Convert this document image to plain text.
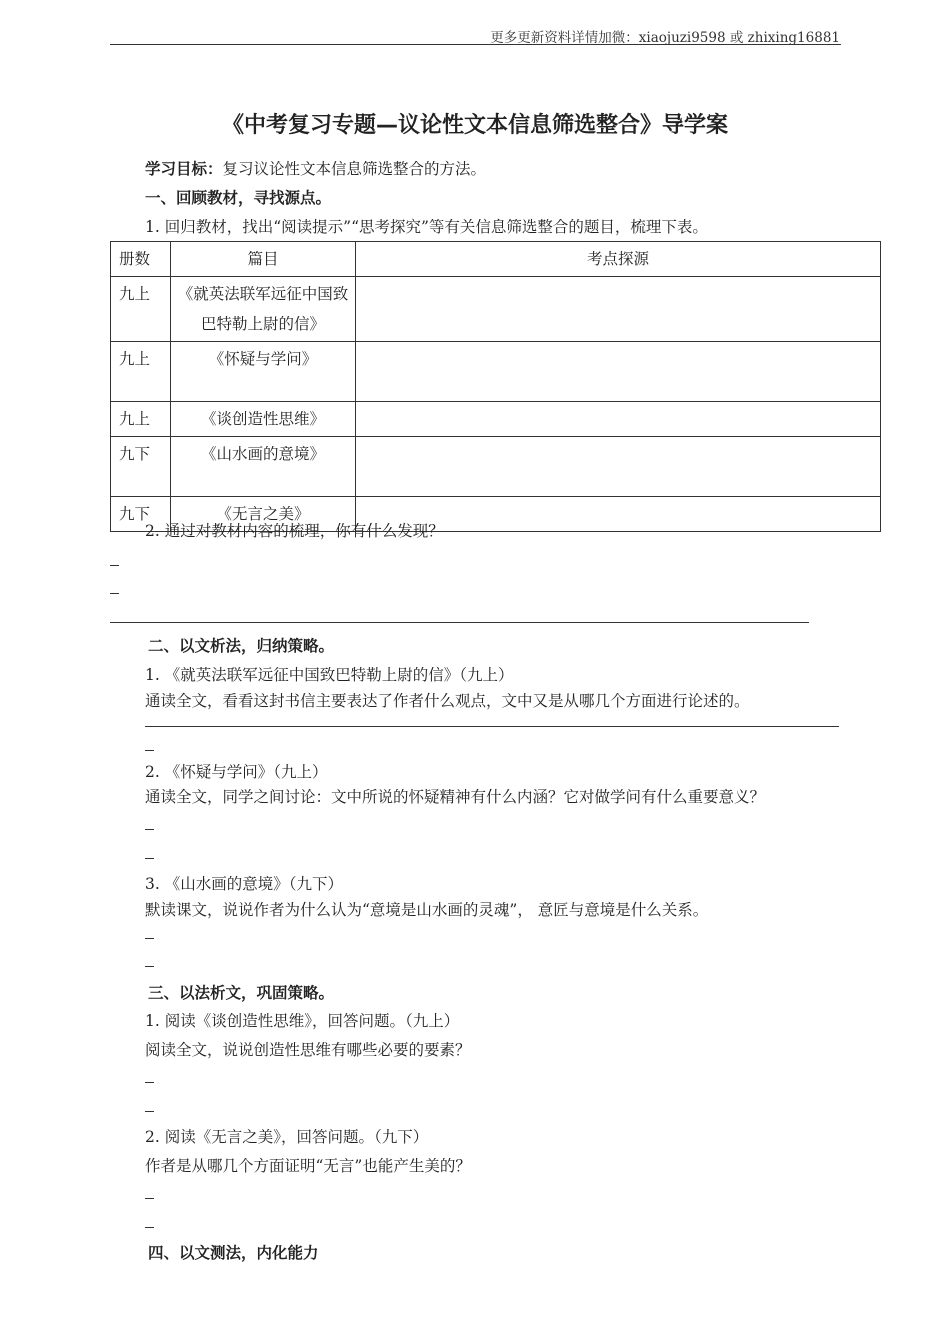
更多更新资料详情加微：xiaojuzi9598 或 zhixing16881
《中考复习专题—议论性文本信息筛选整合》导学案
学习目标：复习议论性文本信息筛选整合的方法。
一、回顾教材，寻找源点。
1. 回归教材，找出“阅读提示”“思考探究”等有关信息筛选整合的题目，梳理下表。
册数	篇目	考点探源
九上	《就英法联军远征中国致巴特勒上尉的信》	
九上	《怀疑与学问》	
九上	《谈创造性思维》	
九下	《山水画的意境》	
九下	《无言之美》	
2. 通过对教材内容的梳理，你有什么发现？
二、以文析法，归纳策略。
1. 《就英法联军远征中国致巴特勒上尉的信》（九上）
通读全文，看看这封书信主要表达了作者什么观点，文中又是从哪几个方面进行论述的。
2. 《怀疑与学问》（九上）
通读全文，同学之间讨论：文中所说的怀疑精神有什么内涵？它对做学问有什么重要意义？
3. 《山水画的意境》（九下）
默读课文，说说作者为什么认为“意境是山水画的灵魂”， 意匠与意境是什么关系。
三、以法析文，巩固策略。
1. 阅读《谈创造性思维》，回答问题。（九上）
阅读全文，说说创造性思维有哪些必要的要素？
2. 阅读《无言之美》，回答问题。（九下）
作者是从哪几个方面证明“无言”也能产生美的？
四、以文测法，内化能力
